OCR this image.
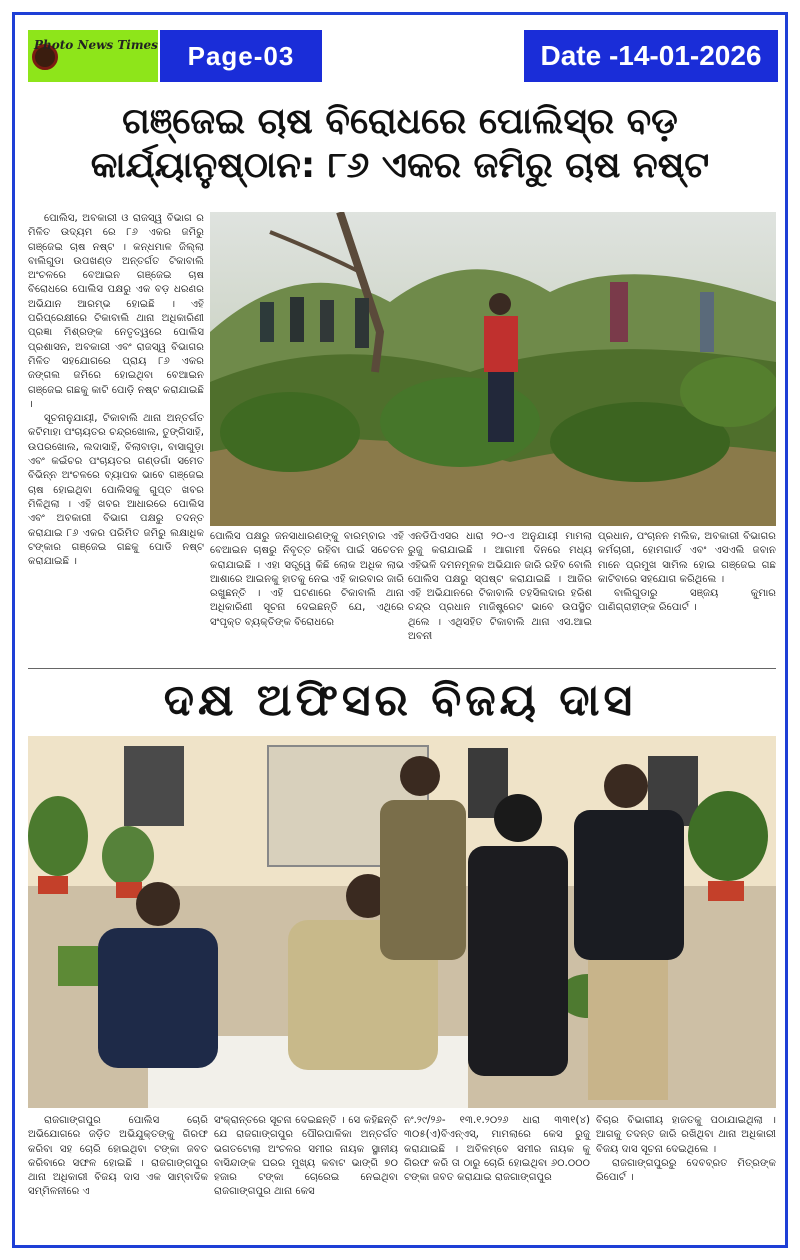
Photo News Times	Page-03	Date -14-01-2026
ଗଞ୍ଜେଇ ଚାଷ ବିରୋଧରେ ପୋଲିସ୍‌ର ବଡ଼
କାର୍ଯ୍ୟାନୁଷ୍ଠାନ: ୮୬ ଏକର ଜମିରୁ ଚାଷ ନଷ୍ଟ

ପୋଲିସ, ଅବକାରୀ ଓ ରାଜସ୍ୱ ବିଭାଗ ର ମିଳିତ ଉଦ୍ୟମ ରେ ୮୬ ଏକର ଜମିରୁ ଗଞ୍ଜେଇ ଚାଷ ନଷ୍ଟ । କନ୍ଧମାଳ ଜିଲ୍ଲା ବାଲିଗୁଡା ଉପଖଣ୍ଡ ଅନ୍ତର୍ଗତ ଟିକାବାଲି ଅଂଚଳରେ ବେଆଇନ ଗଞ୍ଜେଇ ଚାଷ ବିରୋଧରେ ପୋଲିସ ପକ୍ଷରୁ ଏକ ବଡ଼ ଧରଣର ଅଭିଯାନ ଆରମ୍ଭ ହୋଇଛି । ଏହି ପରିପ୍ରେକ୍ଷୀରେ ଟିକାବାଲି ଥାନା ଅଧିକାରିଣୀ ପ୍ରଜ୍ଞା ମିଶ୍ରଙ୍କ ନେତୃତ୍ୱରେ ପୋଲିସ ପ୍ରଶାସନ, ଅବକାରୀ ଏବଂ ରାଜସ୍ୱ ବିଭାଗର ମିଳିତ ସହଯୋଗରେ ପ୍ରାୟ ୮୬ ଏକର ଜଙ୍ଗଲ ଜମିରେ ହୋଇଥିବା ବେଆଇନ ଗଞ୍ଜେଇ ଗଛକୁ କାଟି ପୋଡ଼ି ନଷ୍ଟ କରାଯାଇଛି ।

ସୂଚନାନୁଯାୟୀ, ଟିକାବାଲି ଥାନା ଅନ୍ତର୍ଗତ କଟିମାହା ପଂଚାୟତର ଚନ୍ଦ୍ରଖୋଲ, ତୁଙ୍ଗିସାହି, ଉପରଖୋଲ, ଲଦାସାହି, ବିଲାବାଡ଼ା, ବାସାଗୁଡ଼ା ଏବଂ କଇଁଚର ପଂଚାୟତର ଗଣ୍ଡଗାଁ ସମେତ ବିଭିନ୍ନ ଅଂଚଳରେ ବ୍ୟାପକ ଭାବେ ଗଞ୍ଜେଇ ଚାଷ ହୋଇଥିବା ପୋଲିସକୁ ଗୁପ୍ତ ଖବର ମିଳିଥିଲା । ଏହି ଖବର ଆଧାରରେ ପୋଲିସ ଏବଂ ଅବକାରୀ ବିଭାଗ ପକ୍ଷରୁ ତଦନ୍ତ କରାଯାଇ ୮୬ ଏକର ପରିମିତ ଜମିରୁ ଲକ୍ଷାଧିକ ଟଙ୍କାର ଗଞ୍ଜେଇ ଗଛକୁ ପୋଡି ନଷ୍ଟ କରାଯାଇଛି ।

ପୋଲିସ ପକ୍ଷରୁ ଜନସାଧାରଣଙ୍କୁ ବାରମ୍ବାର ଏହି ବେଆଇନ ଚାଷରୁ ନିବୃତ୍ତ ରହିବା ପାଇଁ ସଚେତନ କରାଯାଇଛି । ଏହା ସତ୍ତ୍ୱେ କିଛି ଲୋକ ଅଧିକ ଲାଭ ଆଶାରେ ଆଇନକୁ ହାତକୁ ନେଇ ଏହି କାରବାର ଜାରି ରଖୁଛନ୍ତି । ଏହି ଘଟଣାରେ ଟିକାବାଲି ଥାନା ଅଧିକାରିଣୀ ସୂଚନା ଦେଇଛନ୍ତି ଯେ, ଏଥିରେ ସଂପୃକ୍ତ ବ୍ୟକ୍ତିଙ୍କ ବିରୋଧରେ

ଏନଡିପିଏସର ଧାରା ୨୦-ଏ ଅନୁଯାୟୀ ମାମଲା ରୁଜୁ କରାଯାଇଛି । ଆଗାମୀ ଦିନରେ ମଧ୍ୟ ଏହିଭଳି ଦମନମୂଳକ ଅଭିଯାନ ଜାରି ରହିବ ବୋଲି ପୋଲିସ ପକ୍ଷରୁ ସ୍ପଷ୍ଟ କରାଯାଇଛି । ଆଜିର ଏହି ଅଭିଯାନରେ ଟିକାବାଲି ତହସିଲଦାର ହରିଶ ଚନ୍ଦ୍ର ପ୍ରଧାନ ମାଜିଷ୍ଟ୍ରେଟ ଭାବେ ଉପସ୍ଥିତ ଥିଲେ । ଏଥିସହିତ ଟିକାବାଲି ଥାନା ଏସ.ଆଇ ଅବନୀ

ପ୍ରଧାନ, ପଂଚାନନ ମଲିକ, ଅବକାରୀ ବିଭାଗର କର୍ମଚାରୀ, ହୋମଗାର୍ଡ ଏବଂ ଏସଏଲି ଜବାନ ମାନେ ପ୍ରମୁଖ ସାମିଲ ହୋଇ ଗଞ୍ଜେଇ ଗଛ କାଟିବାରେ ସହଯୋଗ କରିଥିଲେ ।

ବାଲିଗୁଡାରୁ ସଞ୍ଜୟ କୁମାର ପାଣିଗ୍ରାହୀଙ୍କ ରିପୋର୍ଟ ।

ଦକ୍ଷ ଅଫିସର ବିଜୟ ଦାସ

ରାଜଗାଙ୍ଗପୁର ପୋଲିସ ଚୋରି ଅଭିଯୋଗରେ ଜଡ଼ିତ ଅଭିଯୁକ୍ତଙ୍କୁ ଗିରଫ କରିବା ସହ ଚୋରି ହୋଇଥିବା ଟଙ୍କା ଜବତ କରିବାରେ ସଫଳ ହୋଇଛି । ରାଜଗାଙ୍ଗପୁର ଥାନା ଅଧିକାରୀ ବିଜୟ ଦାସ ଏକ ସାମ୍ବାଦିକ ସମ୍ମିଳନୀରେ ଏ

ସଂକ୍ରାନ୍ତରେ ସୂଚନା ଦେଇଛନ୍ତି । ସେ କହିଛନ୍ତି ଯେ ରାଜଗାଙ୍ଗପୁର ପୌରପାଳିକା ଅନ୍ତର୍ଗତ ଭଗତଟୋଲା ଅଂଚଳର ସମୀର ନାୟକ ସ୍ଥାନୀୟ ବାସିନ୍ଦାଙ୍କ ଘରର ମୁଖ୍ୟ କବାଟ ଭାଙ୍ଗି ୭୦ ହଜାର ଟଙ୍କା ଚୋରେଇ ନେଇଥିବା ରାଜଗାଙ୍ଗପୁର ଥାନା କେସ

ନଂ.୨୯/୨୬- ୧୩.୧.୨୦୨୬ ଧାରା ୩୩୧(୪) ୩୦୫(ଏ)ବିଏନ୍ଏସ୍, ମାମଲାରେ କେସ ରୁଜୁ କରାଯାଇଛି । ଅବିଳମ୍ବେ ସମୀର ନାୟକ କୁ ଗିରଫ କରି ତା ଠାରୁ ଚୋରି ହୋଇଥିବା ୬୦.୦୦୦ ଟଙ୍କା ଜବତ କରାଯାଇ ରାଜଗାଙ୍ଗପୁର

ବିଚାର ବିଭାଗୀୟ ହାଜତକୁ ପଠାଯାଇଥିଲା । ଆଗକୁ ତଦନ୍ତ ଜାରି ରଖିଥିବା ଥାନା ଅଧିକାରୀ ବିଜୟ ଦାସ ସୂଚନା ଦେଇଥିଲେ ।

ରାଜଗାଙ୍ଗପୁରରୁ ଦେବବ୍ରତ ମିତ୍ରଙ୍କ ରିପୋର୍ଟ ।
